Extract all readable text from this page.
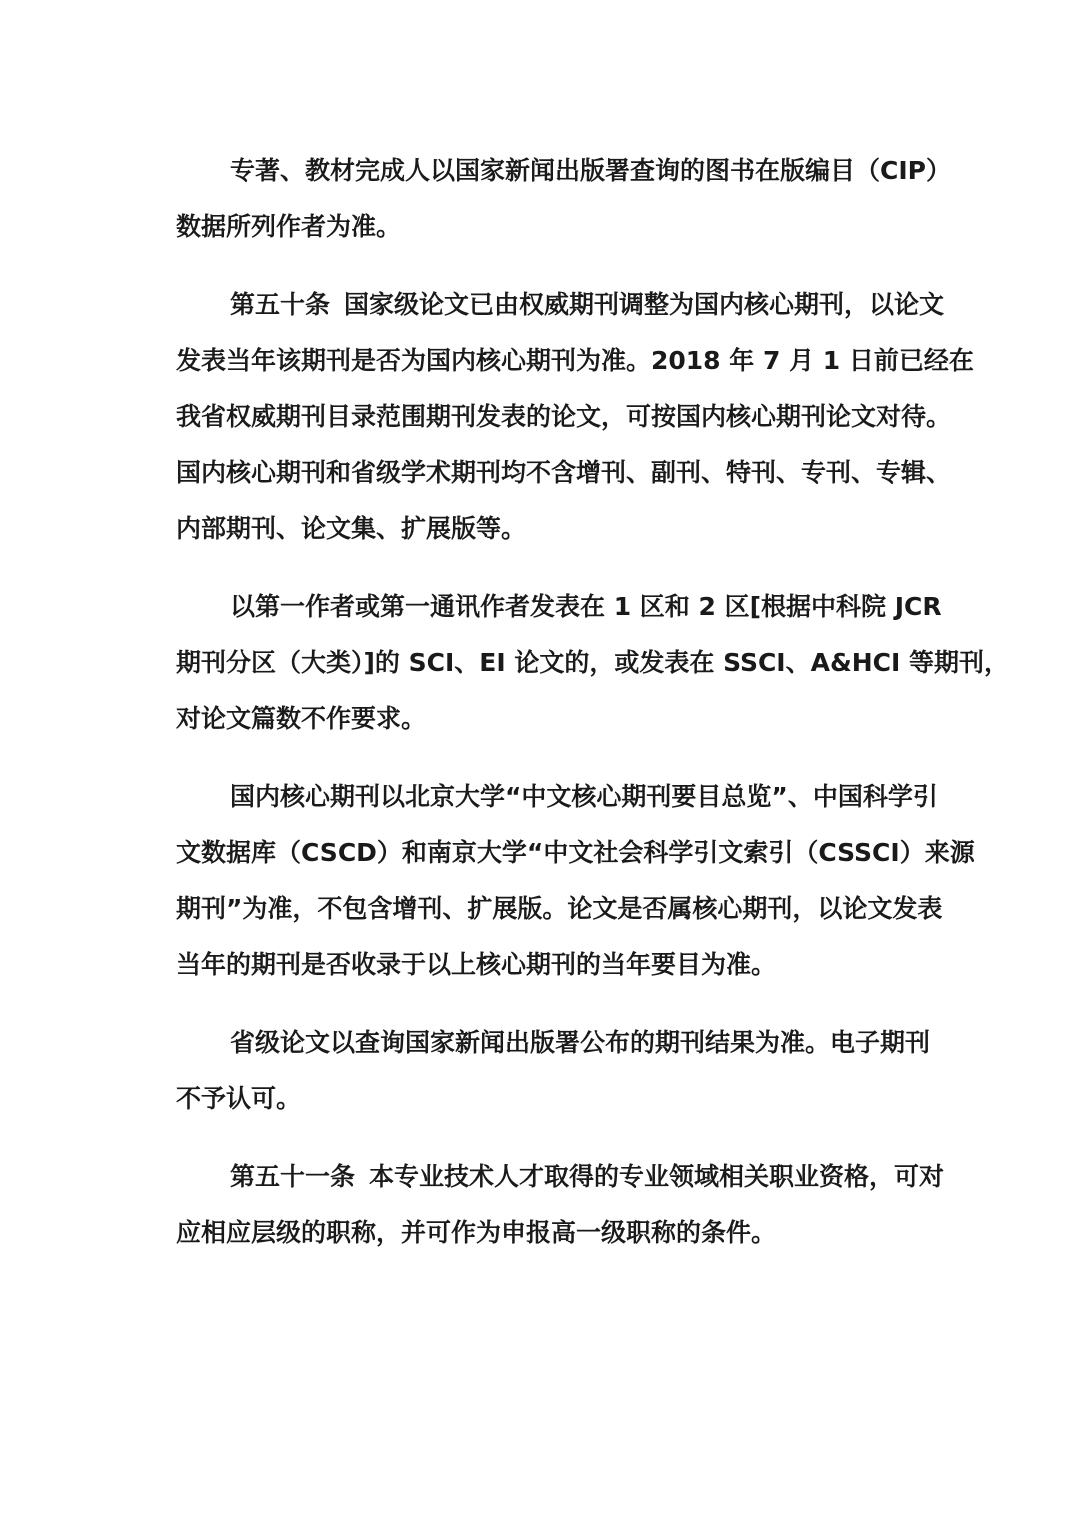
专著、教材完成人以国家新闻出版署查询的图书在版编目（CIP）
数据所列作者为准。
第五十条 国家级论文已由权威期刊调整为国内核心期刊，以论文
发表当年该期刊是否为国内核心期刊为准。2018 年 7 月 1 日前已经在
我省权威期刊目录范围期刊发表的论文，可按国内核心期刊论文对待。
国内核心期刊和省级学术期刊均不含增刊、副刊、特刊、专刊、专辑、
内部期刊、论文集、扩展版等。
以第一作者或第一通讯作者发表在 1 区和 2 区[根据中科院 JCR
期刊分区（大类）]的 SCI、EI 论文的，或发表在 SSCI、A&HCI 等期刊，
对论文篇数不作要求。
国内核心期刊以北京大学“中文核心期刊要目总览”、中国科学引
文数据库（CSCD）和南京大学“中文社会科学引文索引（CSSCI）来源
期刊”为准，不包含增刊、扩展版。论文是否属核心期刊，以论文发表
当年的期刊是否收录于以上核心期刊的当年要目为准。
省级论文以查询国家新闻出版署公布的期刊结果为准。电子期刊
不予认可。
第五十一条 本专业技术人才取得的专业领域相关职业资格，可对
应相应层级的职称，并可作为申报高一级职称的条件。
